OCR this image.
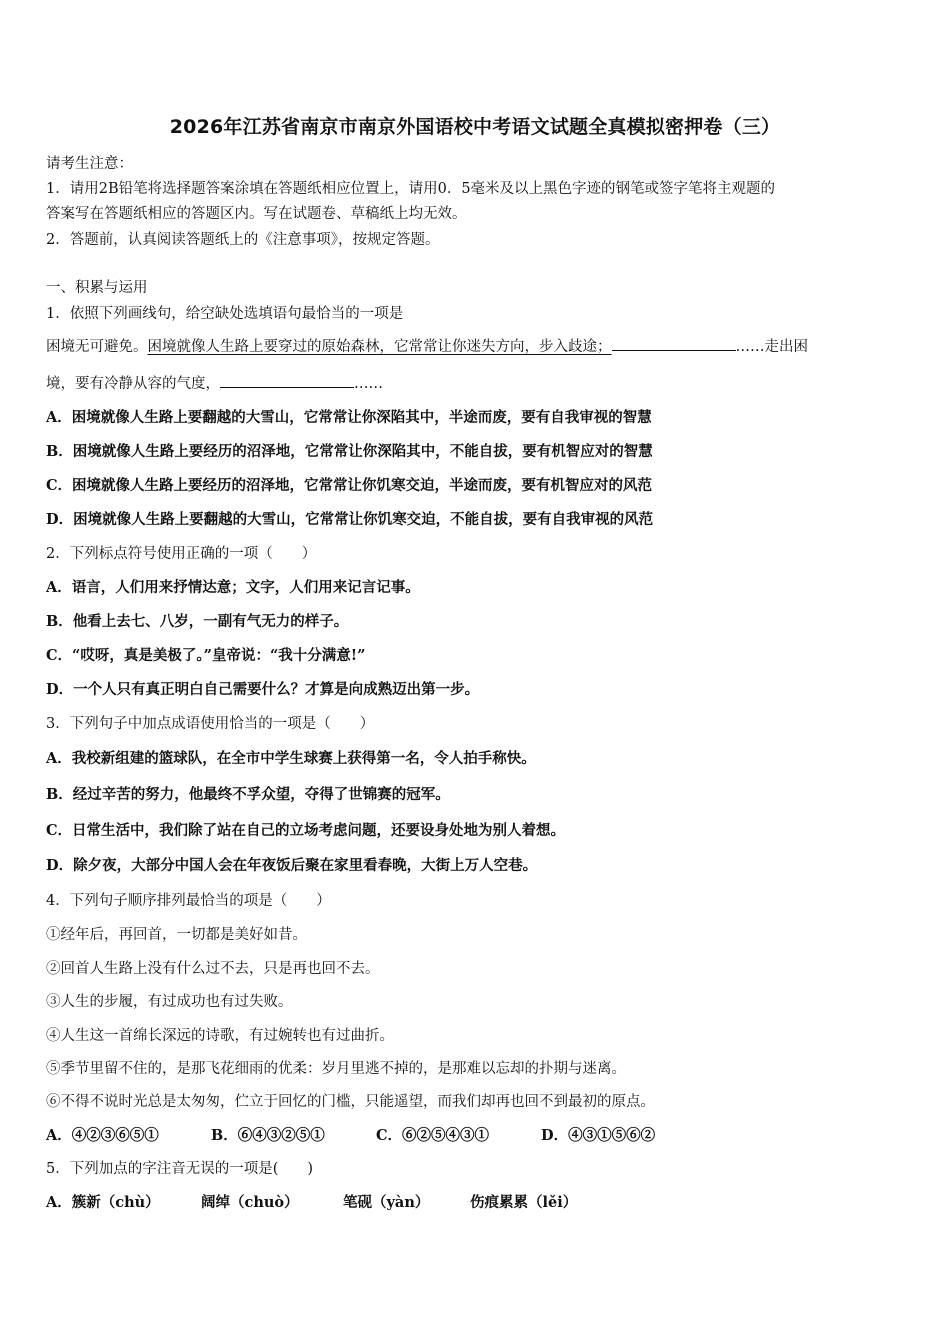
2026年江苏省南京市南京外国语校中考语文试题全真模拟密押卷（三）
请考生注意：
1．请用2B铅笔将选择题答案涂填在答题纸相应位置上，请用0．5毫米及以上黑色字迹的钢笔或签字笔将主观题的
答案写在答题纸相应的答题区内。写在试题卷、草稿纸上均无效。
2．答题前，认真阅读答题纸上的《注意事项》，按规定答题。
一、积累与运用
1．依照下列画线句，给空缺处选填语句最恰当的一项是
困境无可避免。困境就像人生路上要穿过的原始森林，它常常让你迷失方向，步入歧途；	……走出困
境，要有冷静从容的气度，	……
A．困境就像人生路上要翻越的大雪山，它常常让你深陷其中，半途而废，要有自我审视的智慧
B．困境就像人生路上要经历的沼泽地，它常常让你深陷其中，不能自拔，要有机智应对的智慧
C．困境就像人生路上要经历的沼泽地，它常常让你饥寒交迫，半途而废，要有机智应对的风范
D．困境就像人生路上要翻越的大雪山，它常常让你饥寒交迫，不能自拔，要有自我审视的风范
2．下列标点符号使用正确的一项（　　）
A．语言，人们用来抒情达意；文字，人们用来记言记事。
B．他看上去七、八岁，一副有气无力的样子。
C．“哎呀，真是美极了。”皇帝说：“我十分满意!”
D．一个人只有真正明白自己需要什么？才算是向成熟迈出第一步。
3．下列句子中加点成语使用恰当的一项是（　　）
A．我校新组建的篮球队，在全市中学生球赛上获得第一名，令人拍手称快。
B．经过辛苦的努力，他最终不孚众望，夺得了世锦赛的冠军。
C．日常生活中，我们除了站在自己的立场考虑问题，还要设身处地为别人着想。
D．除夕夜，大部分中国人会在年夜饭后聚在家里看春晚，大街上万人空巷。
4．下列句子顺序排列最恰当的项是（　　）
①经年后，再回首，一切都是美好如昔。
②回首人生路上没有什么过不去，只是再也回不去。
③人生的步履，有过成功也有过失败。
④人生这一首绵长深远的诗歌，有过婉转也有过曲折。
⑤季节里留不住的，是那飞花细雨的优柔：岁月里逃不掉的，是那难以忘却的扑期与迷离。
⑥不得不说时光总是太匆匆，伫立于回忆的门槛，只能遥望，而我们却再也回不到最初的原点。
A．④②③⑥⑤①	B．⑥④③②⑤①	C．⑥②⑤④③①	D．④③①⑤⑥②
5．下列加点的字注音无误的一项是(　　)
A．簇新（chù）	阔绰（chuò）	笔砚（yàn）	伤痕累累（lěi）
